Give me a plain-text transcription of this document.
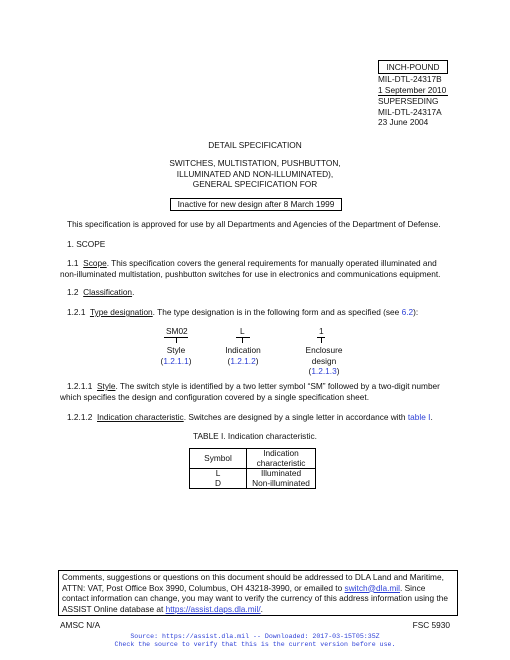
INCH-POUND
MIL-DTL-24317B
1 September 2010
SUPERSEDING
MIL-DTL-24317A
23 June 2004
DETAIL SPECIFICATION
SWITCHES, MULTISTATION, PUSHBUTTON,
ILLUMINATED AND NON-ILLUMINATED),
GENERAL SPECIFICATION FOR
Inactive for new design after 8 March 1999
This specification is approved for use by all Departments and Agencies of the Department of Defense.
1. SCOPE
1.1 Scope. This specification covers the general requirements for manually operated illuminated and non-illuminated multistation, pushbutton switches for use in electronics and communications equipment.
1.2 Classification.
1.2.1 Type designation. The type designation is in the following form and as specified (see 6.2):
SM02	L	1
Style
(1.2.1.1)
Indication
(1.2.1.2)
Enclosure
design
(1.2.1.3)
1.2.1.1 Style. The switch style is identified by a two letter symbol “SM” followed by a two-digit number which specifies the design and configuration covered by a single specification sheet.
1.2.1.2 Indication characteristic. Switches are designed by a single letter in accordance with table I.
TABLE I. Indication characteristic.
Symbol	Indication
characteristic
L	Illuminated
D	Non-illuminated
Comments, suggestions or questions on this document should be addressed to DLA Land and Maritime, ATTN: VAT, Post Office Box 3990, Columbus, OH 43218-3990, or emailed to switch@dla.mil. Since contact information can change, you may want to verify the currency of this address information using the ASSIST Online database at https://assist.daps.dla.mil/.
AMSC N/A	FSC 5930
Source: https://assist.dla.mil -- Downloaded: 2017-03-15T05:35Z
Check the source to verify that this is the current version before use.
